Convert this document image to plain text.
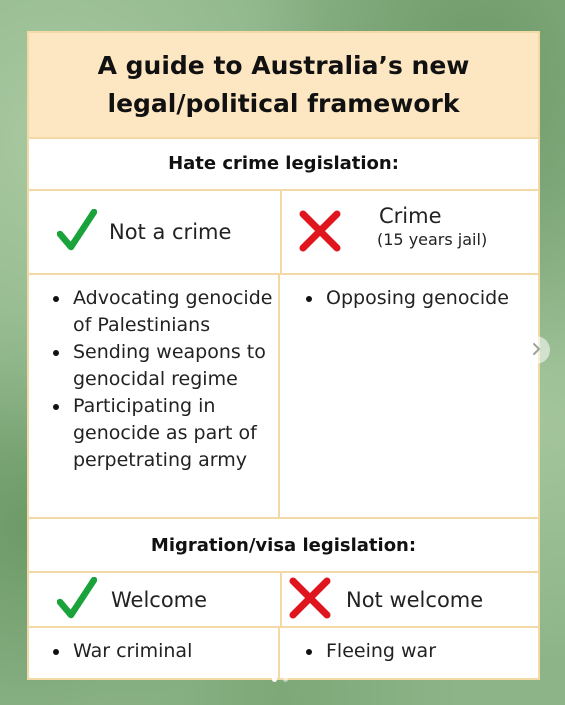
A guide to Australia’s new legal/political framework

Hate crime legislation:

Not a crime
Crime
(15 years jail)
Advocating genocide of Palestinians
Sending weapons to genocidal regime
Participating in genocide as part of perpetrating army
Opposing genocide

Migration/visa legislation:

Welcome	Not welcome
War criminal	Fleeing war
